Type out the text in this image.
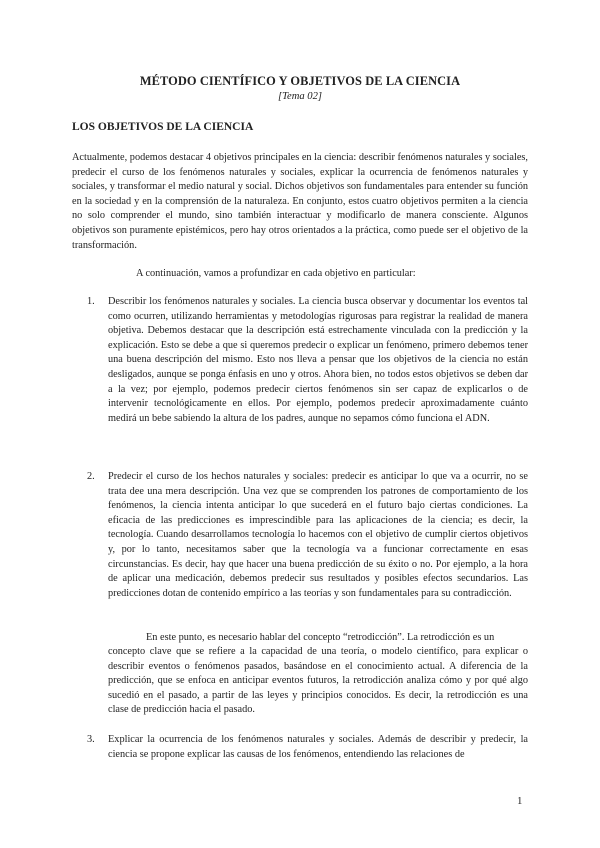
MÉTODO CIENTÍFICO Y OBJETIVOS DE LA CIENCIA
[Tema 02]
LOS OBJETIVOS DE LA CIENCIA

Actualmente, podemos destacar 4 objetivos principales en la ciencia: describir fenómenos naturales y sociales, predecir el curso de los fenómenos naturales y sociales, explicar la ocurrencia de fenómenos naturales y sociales, y transformar el medio natural y social. Dichos objetivos son fundamentales para entender su función en la sociedad y en la comprensión de la naturaleza. En conjunto, estos cuatro objetivos permiten a la ciencia no solo comprender el mundo, sino también interactuar y modificarlo de manera consciente. Algunos objetivos son puramente epistémicos, pero hay otros orientados a la práctica, como puede ser el objetivo de la transformación.

A continuación, vamos a profundizar en cada objetivo en particular:

1. Describir los fenómenos naturales y sociales. La ciencia busca observar y documentar los eventos tal como ocurren, utilizando herramientas y metodologías rigurosas para registrar la realidad de manera objetiva. Debemos destacar que la descripción está estrechamente vinculada con la predicción y la explicación. Esto se debe a que si queremos predecir o explicar un fenómeno, primero debemos tener una buena descripción del mismo. Esto nos lleva a pensar que los objetivos de la ciencia no están desligados, aunque se ponga énfasis en uno y otros. Ahora bien, no todos estos objetivos se deben dar a la vez; por ejemplo, podemos predecir ciertos fenómenos sin ser capaz de explicarlos o de intervenir tecnológicamente en ellos. Por ejemplo, podemos predecir aproximadamente cuánto medirá un bebe sabiendo la altura de los padres, aunque no sepamos cómo funciona el ADN.
2. Predecir el curso de los hechos naturales y sociales: predecir es anticipar lo que va a ocurrir, no se trata dee una mera descripción. Una vez que se comprenden los patrones de comportamiento de los fenómenos, la ciencia intenta anticipar lo que sucederá en el futuro bajo ciertas condiciones. La eficacia de las predicciones es imprescindible para las aplicaciones de la ciencia; es decir, la tecnología. Cuando desarrollamos tecnología lo hacemos con el objetivo de cumplir ciertos objetivos y, por lo tanto, necesitamos saber que la tecnología va a funcionar correctamente en esas circunstancias. Es decir, hay que hacer una buena predicción de su éxito o no. Por ejemplo, a la hora de aplicar una medicación, debemos predecir sus resultados y posibles efectos secundarios. Las predicciones dotan de contenido empírico a las teorías y son fundamentales para su contradicción.

En este punto, es necesario hablar del concepto “retrodicción”. La retrodicción es un

concepto clave que se refiere a la capacidad de una teoría, o modelo científico, para explicar o describir eventos o fenómenos pasados, basándose en el conocimiento actual. A diferencia de la predicción, que se enfoca en anticipar eventos futuros, la retrodicción analiza cómo y por qué algo sucedió en el pasado, a partir de las leyes y principios conocidos. Es decir, la retrodicción es una clase de predicción hacia el pasado.

3. Explicar la ocurrencia de los fenómenos naturales y sociales. Además de describir y predecir, la ciencia se propone explicar las causas de los fenómenos, entendiendo las relaciones de
1
